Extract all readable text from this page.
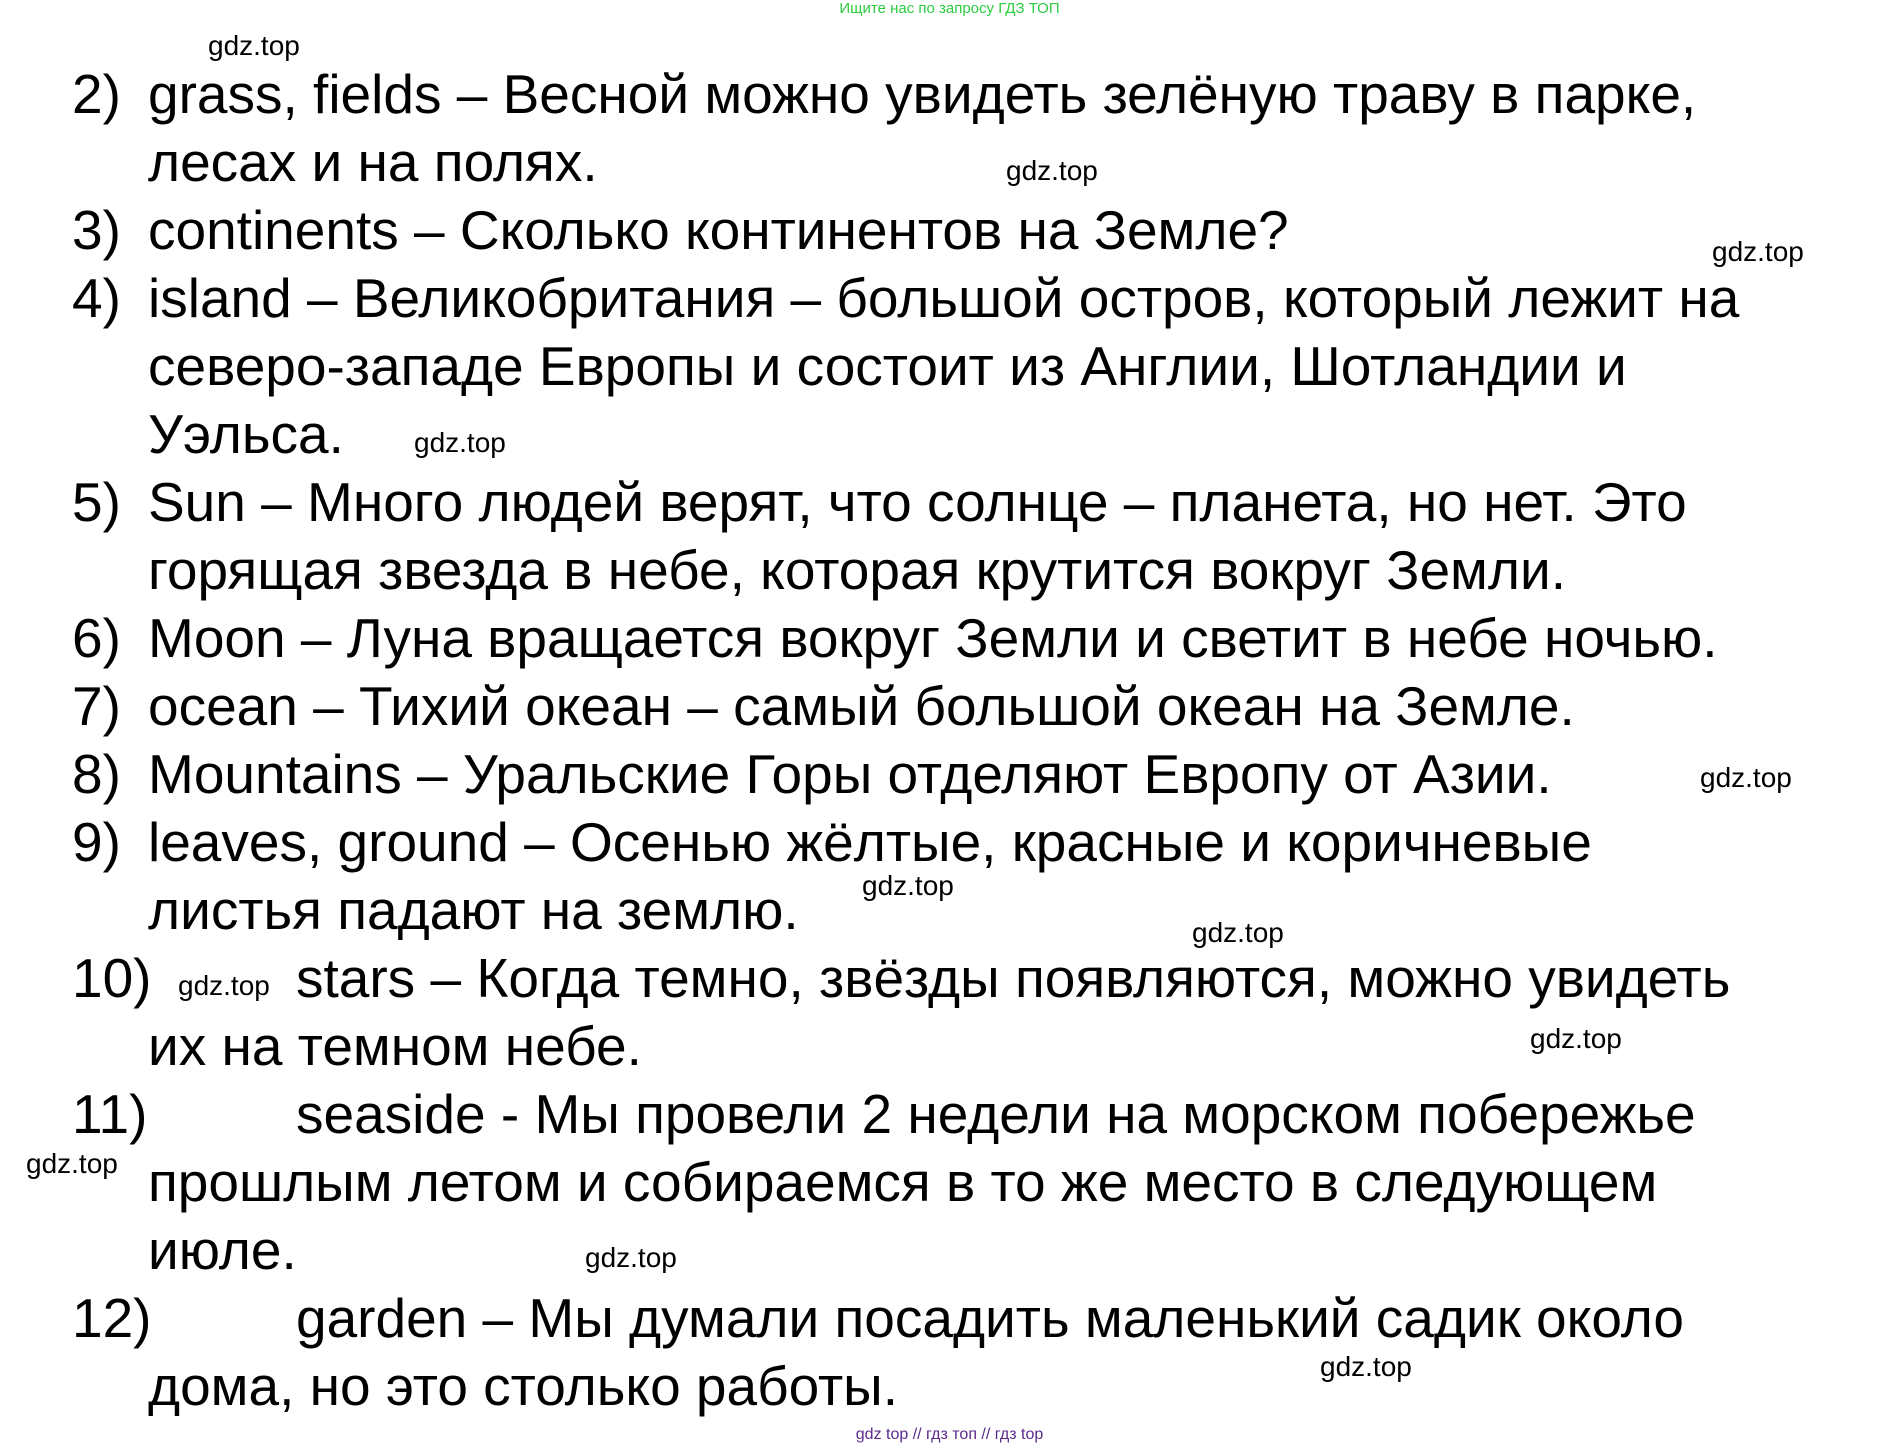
Ищите нас по запросу ГДЗ ТОП
gdz.top
gdz.top
gdz.top
gdz.top
gdz.top
gdz.top
gdz.top
gdz.top
gdz.top
gdz.top
gdz.top
gdz.top
2) grass, fields – Весной можно увидеть зелёную траву в парке,
лесах и на полях.
3) continents – Сколько континентов на Земле?
4) island – Великобритания – большой остров, который лежит на
северо-западе Европы и состоит из Англии, Шотландии и
Уэльса.
5) Sun – Много людей верят, что солнце – планета, но нет. Это
горящая звезда в небе, которая крутится вокруг Земли.
6) Moon – Луна вращается вокруг Земли и светит в небе ночью.
7) ocean – Тихий океан – самый большой океан на Земле.
8) Mountains – Уральские Горы отделяют Европу от Азии.
9) leaves, ground – Осенью жёлтые, красные и коричневые
листья падают на землю.
10)	stars – Когда темно, звёзды появляются, можно увидеть
их на темном небе.
11)	seaside - Мы провели 2 недели на морском побережье
прошлым летом и собираемся в то же место в следующем
июле.
12)	garden – Мы думали посадить маленький садик около
дома, но это столько работы.
gdz top // гдз топ // гдз top
